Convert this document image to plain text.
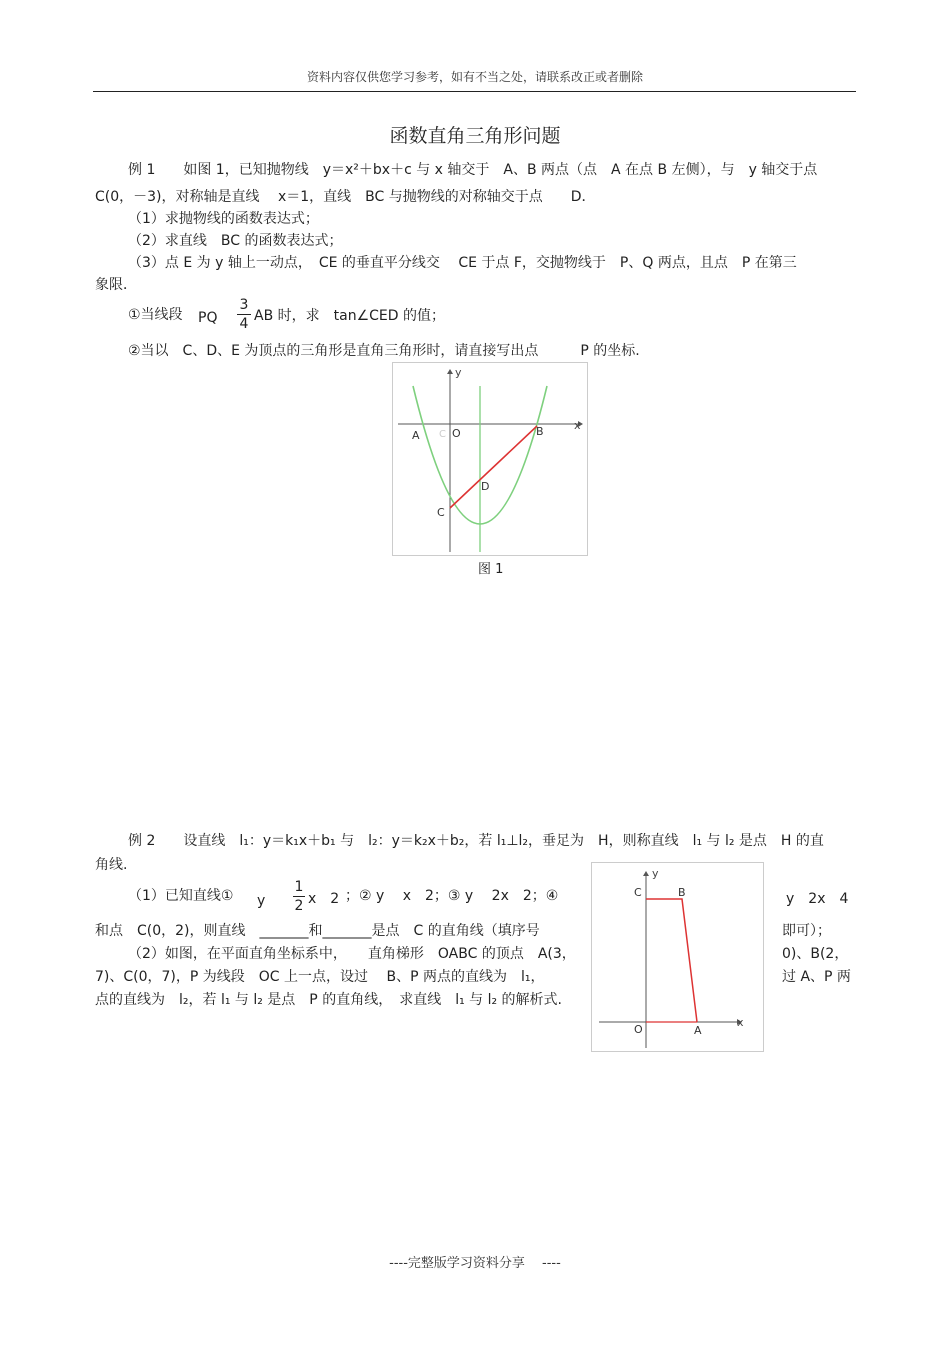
资料内容仅供您学习参考，如有不当之处，请联系改正或者删除
函数直角三角形问题
例 1　　如图 1，已知抛物线　y＝x²＋bx＋c 与 x 轴交于　A、B 两点（点　A 在点 B 左侧），与　y 轴交于点
C(0，－3)，对称轴是直线　 x＝1，直线　BC 与抛物线的对称轴交于点　　D．
（1）求抛物线的函数表达式；
（2）求直线　BC 的函数表达式；
（3）点 E 为 y 轴上一动点，　CE 的垂直平分线交　 CE 于点 F，交抛物线于　P、Q 两点，且点　P 在第三
象限．
①当线段 PQ
3
4 AB 时，求　tan∠CED 的值；
②当以　C、D、E 为顶点的三角形是直角三角形时，请直接写出点　　　P 的坐标.
y
x
A C O	B
D
C
图 1
例 2　　设直线　l₁：y＝k₁x＋b₁ 与　l₂：y＝k₂x＋b₂，若 l₁⊥l₂，垂足为　H，则称直线　l₁ 与 l₂ 是点　H 的直
角线.
（1）已知直线① y
1
2 x　2 ；② y　 x　2；③ y　 2x　2；④	y　2x　4
和点　C(0，2)，则直线　_______和_______是点　C 的直角线（填序号	即可）；
（2）如图，在平面直角坐标系中，　　直角梯形　OABC 的顶点　A(3，	0)、B(2，
7)、C(0，7)，P 为线段　OC 上一点，设过　 B、P 两点的直线为　l₁，	过 A、P 两
点的直线为　l₂，若 l₁ 与 l₂ 是点　P 的直角线，　求直线　l₁ 与 l₂ 的解析式.
y
x
C	B
O	A
----完整版学习资料分享　 ----
